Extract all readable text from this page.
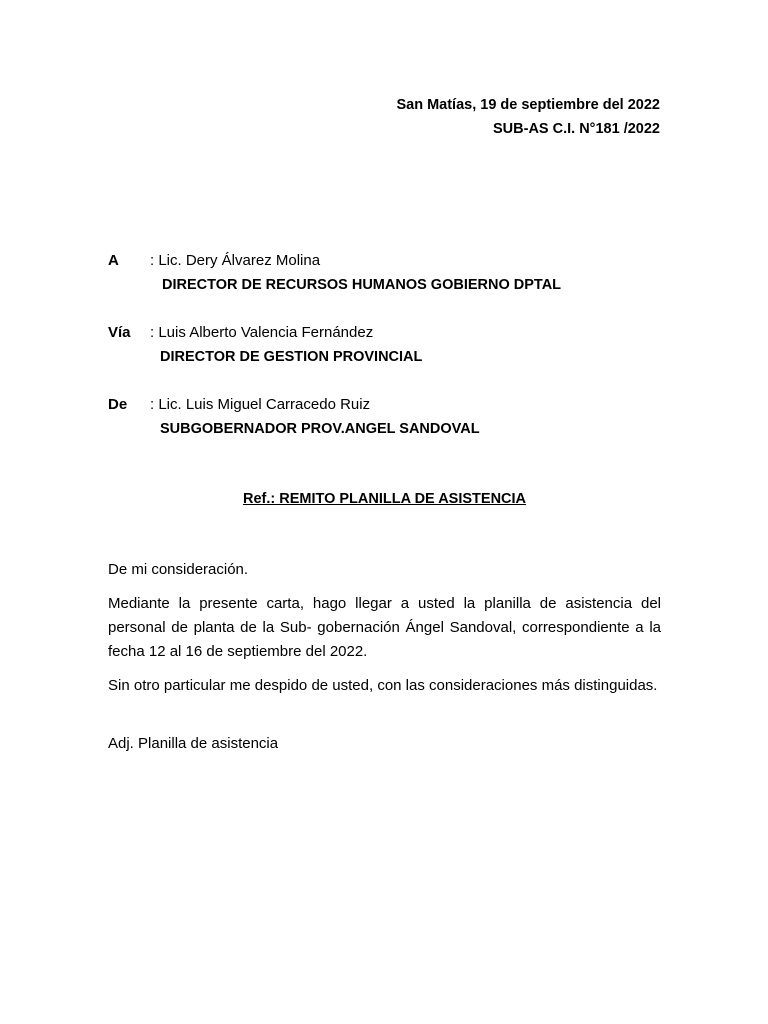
San Matías, 19 de septiembre del 2022
SUB-AS C.I. N°181 /2022
A : Lic. Dery Álvarez Molina
DIRECTOR DE RECURSOS HUMANOS GOBIERNO DPTAL
Vía : Luis Alberto Valencia Fernández
DIRECTOR DE GESTION PROVINCIAL
De : Lic. Luis Miguel Carracedo Ruiz
SUBGOBERNADOR PROV.ANGEL SANDOVAL
Ref.: REMITO PLANILLA DE ASISTENCIA
De mi consideración.
Mediante la presente carta, hago llegar a usted la planilla de asistencia del personal de planta de la Sub- gobernación Ángel Sandoval, correspondiente a la fecha 12 al 16 de septiembre del 2022.
Sin otro particular me despido de usted, con las consideraciones más distinguidas.
Adj. Planilla de asistencia
